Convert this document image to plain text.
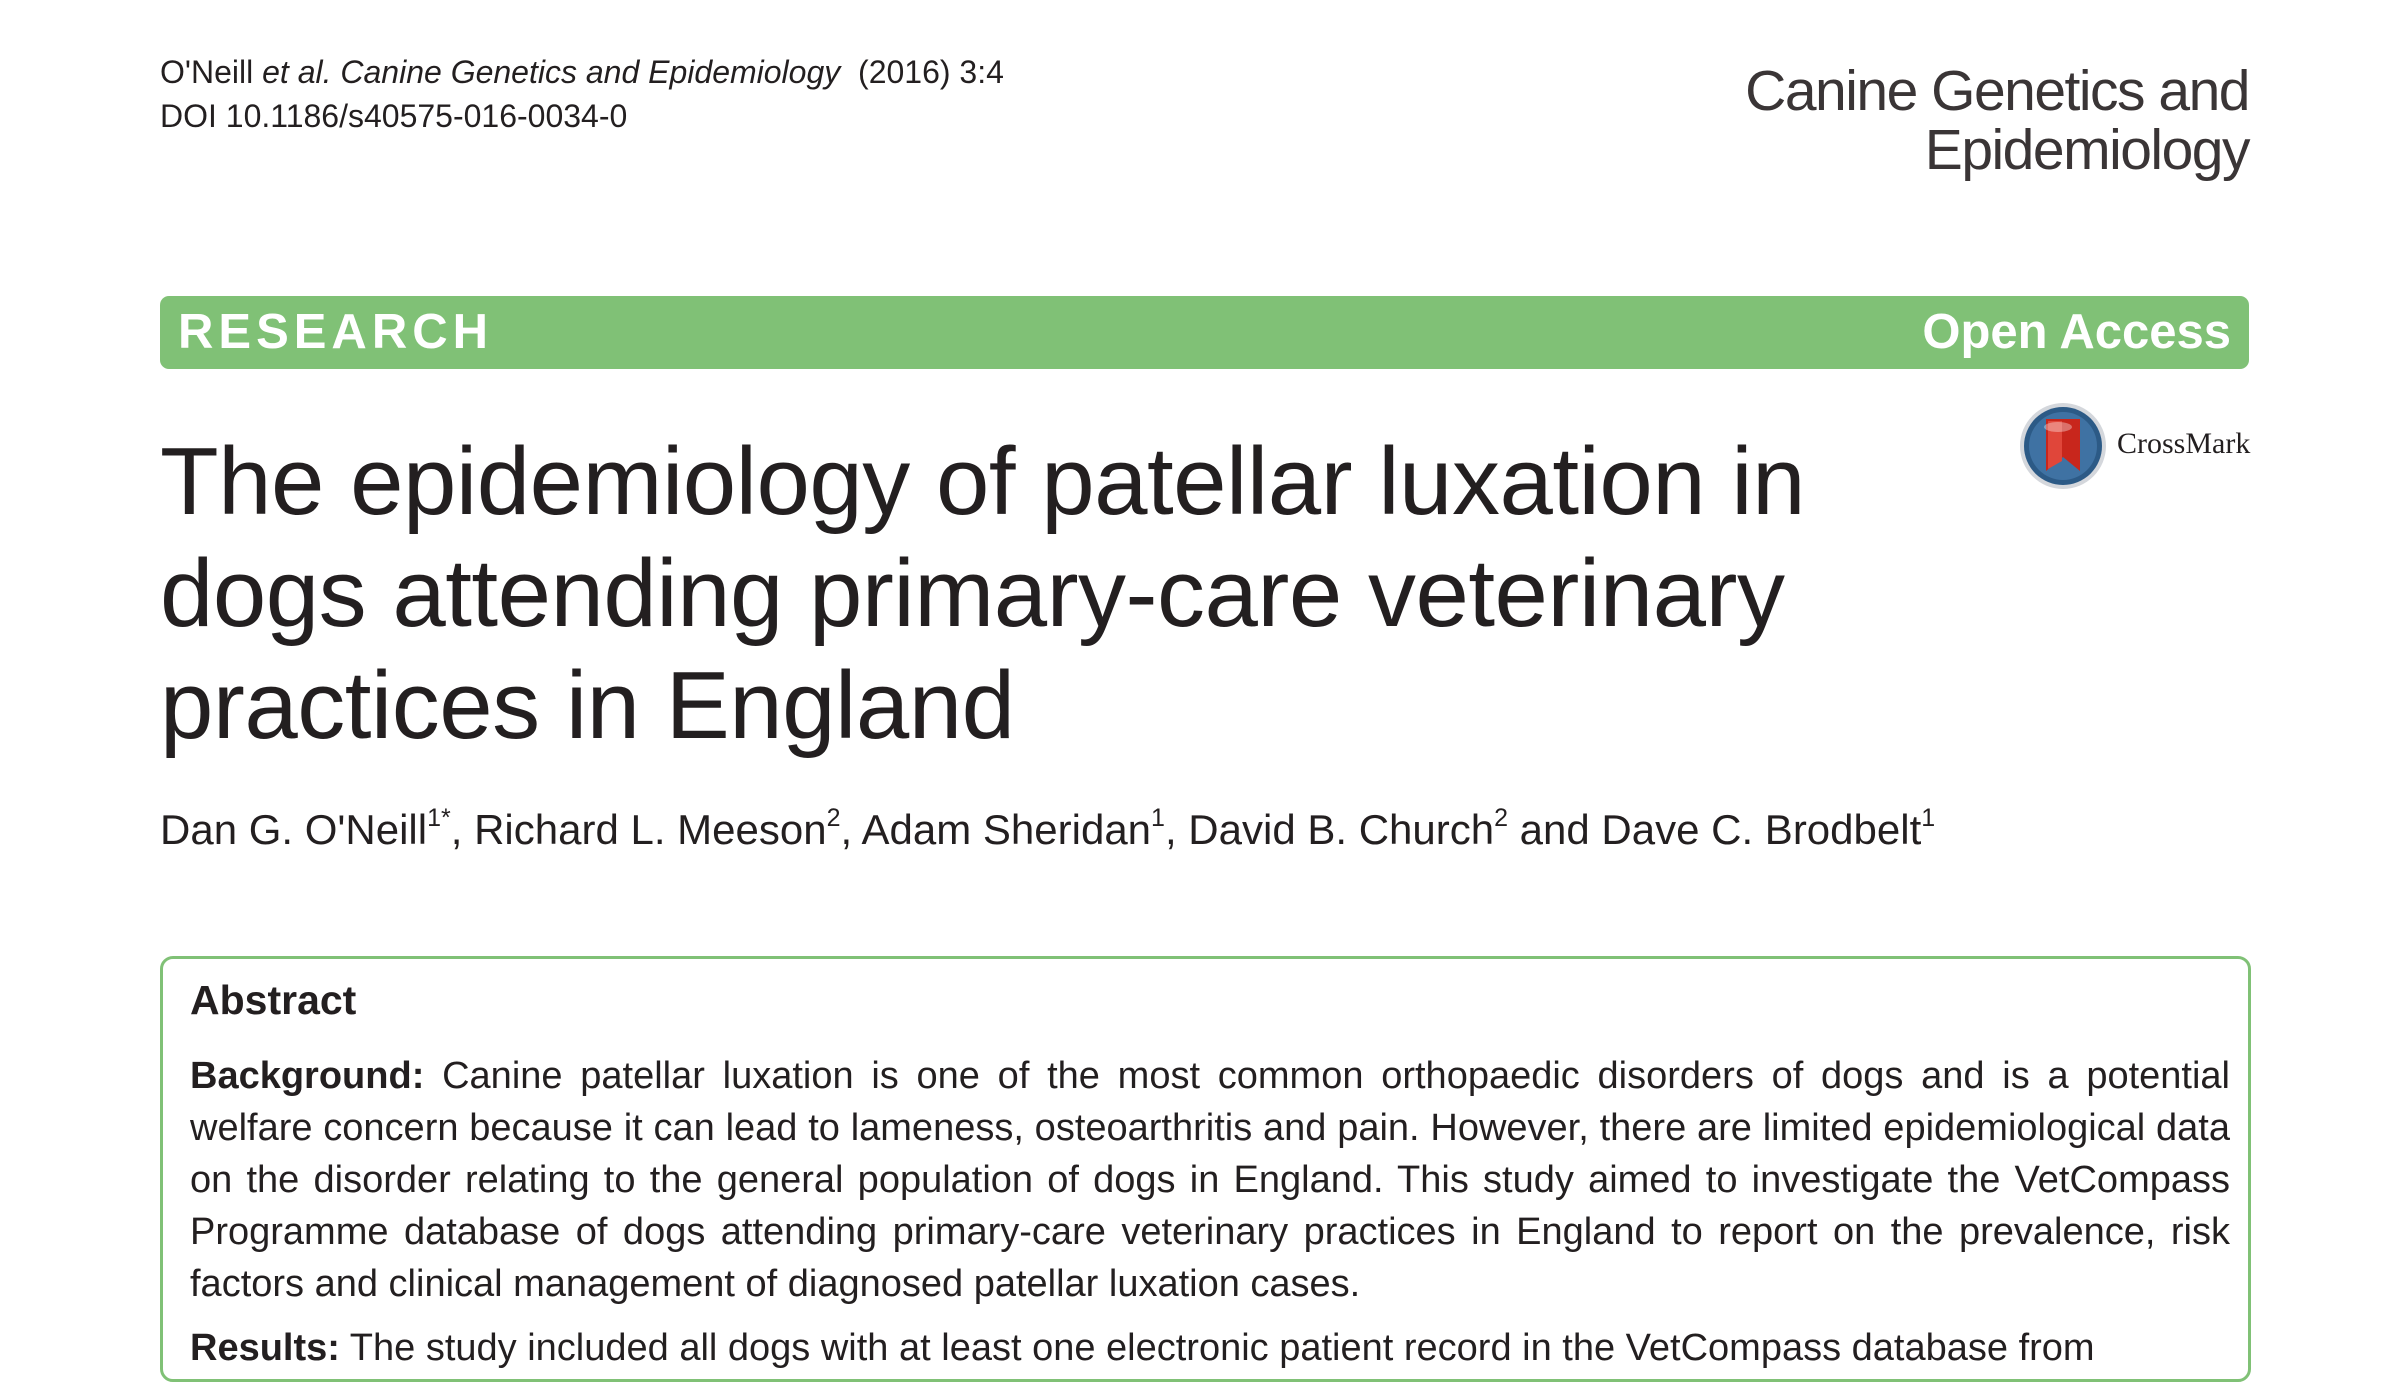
O'Neill et al. Canine Genetics and Epidemiology (2016) 3:4
DOI 10.1186/s40575-016-0034-0	Canine Genetics and
Epidemiology
RESEARCH	Open Access
CrossMark
The epidemiology of patellar luxation in dogs attending primary-care veterinary practices in England
Dan G. O'Neill$^{1*}$, Richard L. Meeson$^2$, Adam Sheridan$^1$, David B. Church$^2$ and Dave C. Brodbelt$^1$
Abstract

Background: Canine patellar luxation is one of the most common orthopaedic disorders of dogs and is a potential welfare concern because it can lead to lameness, osteoarthritis and pain. However, there are limited epidemiological data on the disorder relating to the general population of dogs in England. This study aimed to investigate the VetCompass Programme database of dogs attending primary-care veterinary practices in England to report on the prevalence, risk factors and clinical management of diagnosed patellar luxation cases.

Results: The study included all dogs with at least one electronic patient record in the VetCompass database from
